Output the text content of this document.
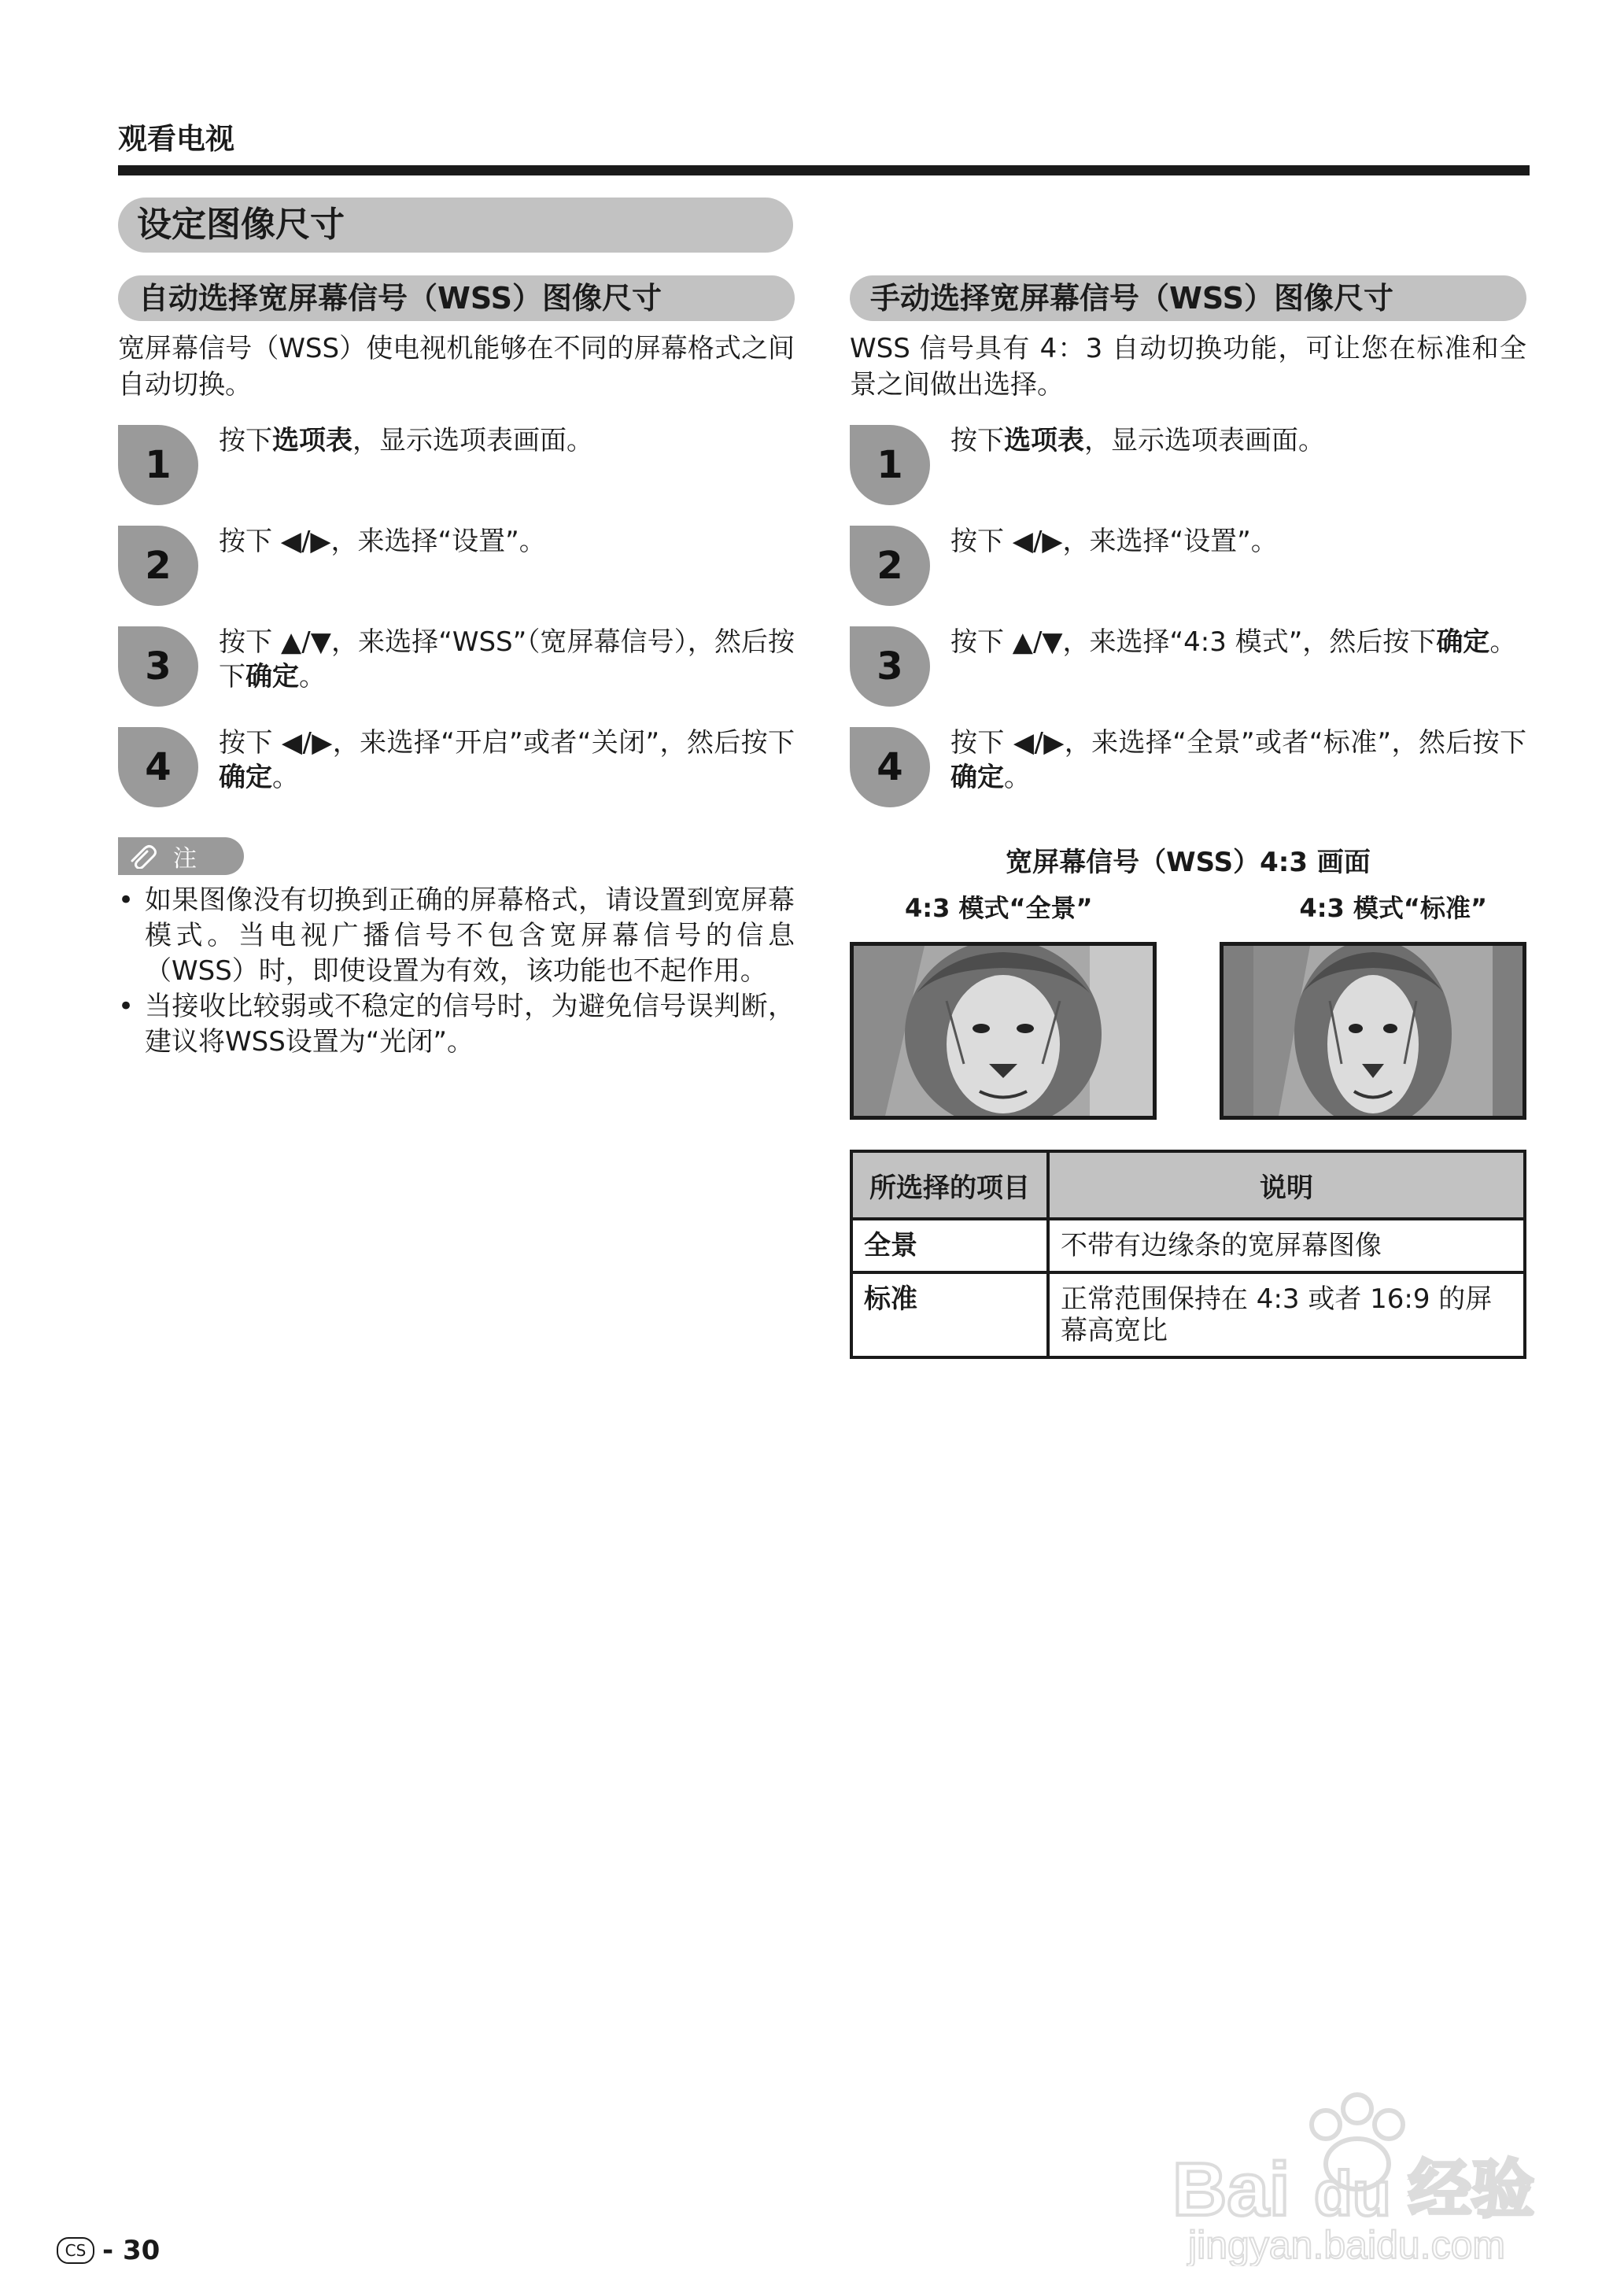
观看电视
设定图像尺寸
自动选择宽屏幕信号（WSS）图像尺寸
宽屏幕信号（WSS）使电视机能够在不同的屏幕格式之间自动切换。
1
按下选项表，显示选项表画面。
2
按下 ◀/▶，来选择“设置”。
3
按下 ▲/▼，来选择“WSS”（宽屏幕信号），然后按下确定。
4
按下 ◀/▶，来选择“开启”或者“关闭”，然后按下确定。
注
• 如果图像没有切换到正确的屏幕格式，请设置到宽屏幕模式。当电视广播信号不包含宽屏幕信号的信息（WSS）时，即使设置为有效，该功能也不起作用。
• 当接收比较弱或不稳定的信号时，为避免信号误判断，建议将WSS设置为“光闭”。
手动选择宽屏幕信号（WSS）图像尺寸
WSS 信号具有 4：3 自动切换功能，可让您在标准和全景之间做出选择。
1
按下选项表，显示选项表画面。
2
按下 ◀/▶，来选择“设置”。
3
按下 ▲/▼，来选择“4:3 模式”，然后按下确定。
4
按下 ◀/▶，来选择“全景”或者“标准”，然后按下确定。
宽屏幕信号（WSS）4:3 画面
4:3 模式“全景”	4:3 模式“标准”
所选择的项目	说明
全景	不带有边缘条的宽屏幕图像
标准	正常范围保持在 4:3 或者 16:9 的屏幕高宽比
CS - 30
Bai du 经验
jingyan.baidu.com
